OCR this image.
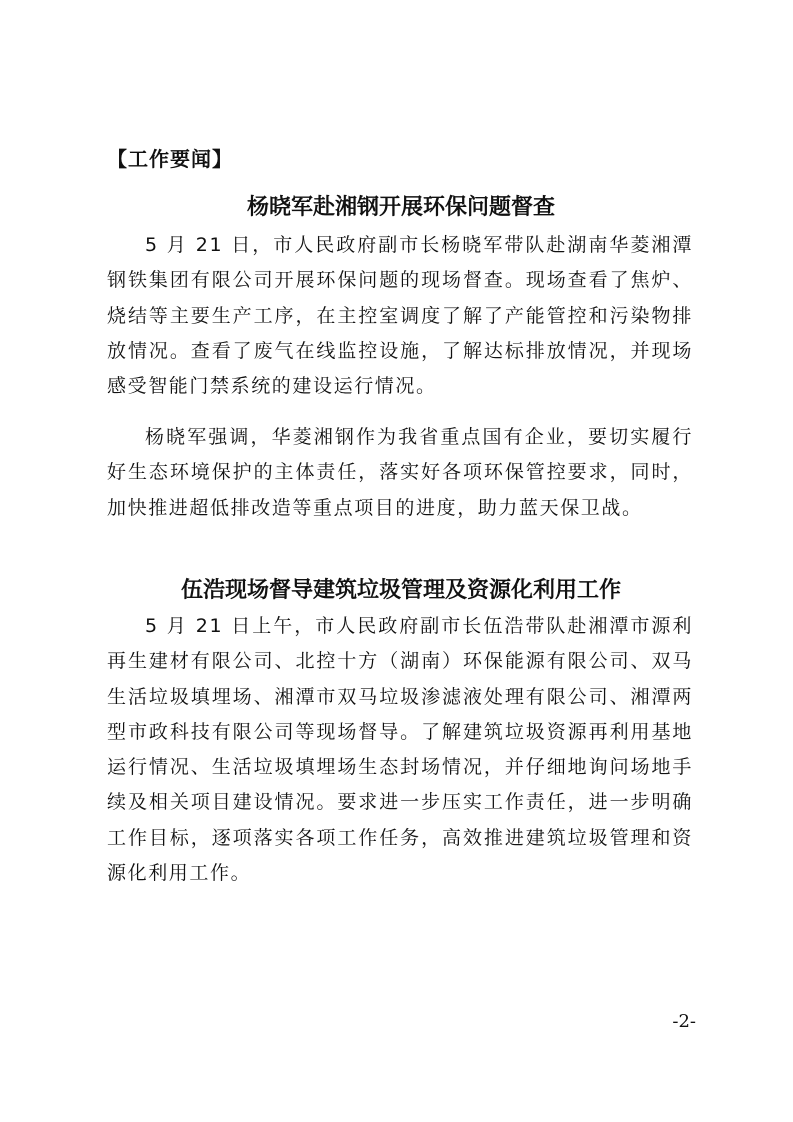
【工作要闻】
杨晓军赴湘钢开展环保问题督查

5 月 21 日，市人民政府副市长杨晓军带队赴湖南华菱湘潭钢铁集团有限公司开展环保问题的现场督查。现场查看了焦炉、烧结等主要生产工序，在主控室调度了解了产能管控和污染物排放情况。查看了废气在线监控设施，了解达标排放情况，并现场感受智能门禁系统的建设运行情况。

杨晓军强调，华菱湘钢作为我省重点国有企业，要切实履行好生态环境保护的主体责任，落实好各项环保管控要求，同时，加快推进超低排改造等重点项目的进度，助力蓝天保卫战。

伍浩现场督导建筑垃圾管理及资源化利用工作

5 月 21 日上午，市人民政府副市长伍浩带队赴湘潭市源利再生建材有限公司、北控十方（湖南）环保能源有限公司、双马生活垃圾填埋场、湘潭市双马垃圾渗滤液处理有限公司、湘潭两型市政科技有限公司等现场督导。了解建筑垃圾资源再利用基地运行情况、生活垃圾填埋场生态封场情况，并仔细地询问场地手续及相关项目建设情况。要求进一步压实工作责任，进一步明确工作目标，逐项落实各项工作任务，高效推进建筑垃圾管理和资源化利用工作。

-2-
